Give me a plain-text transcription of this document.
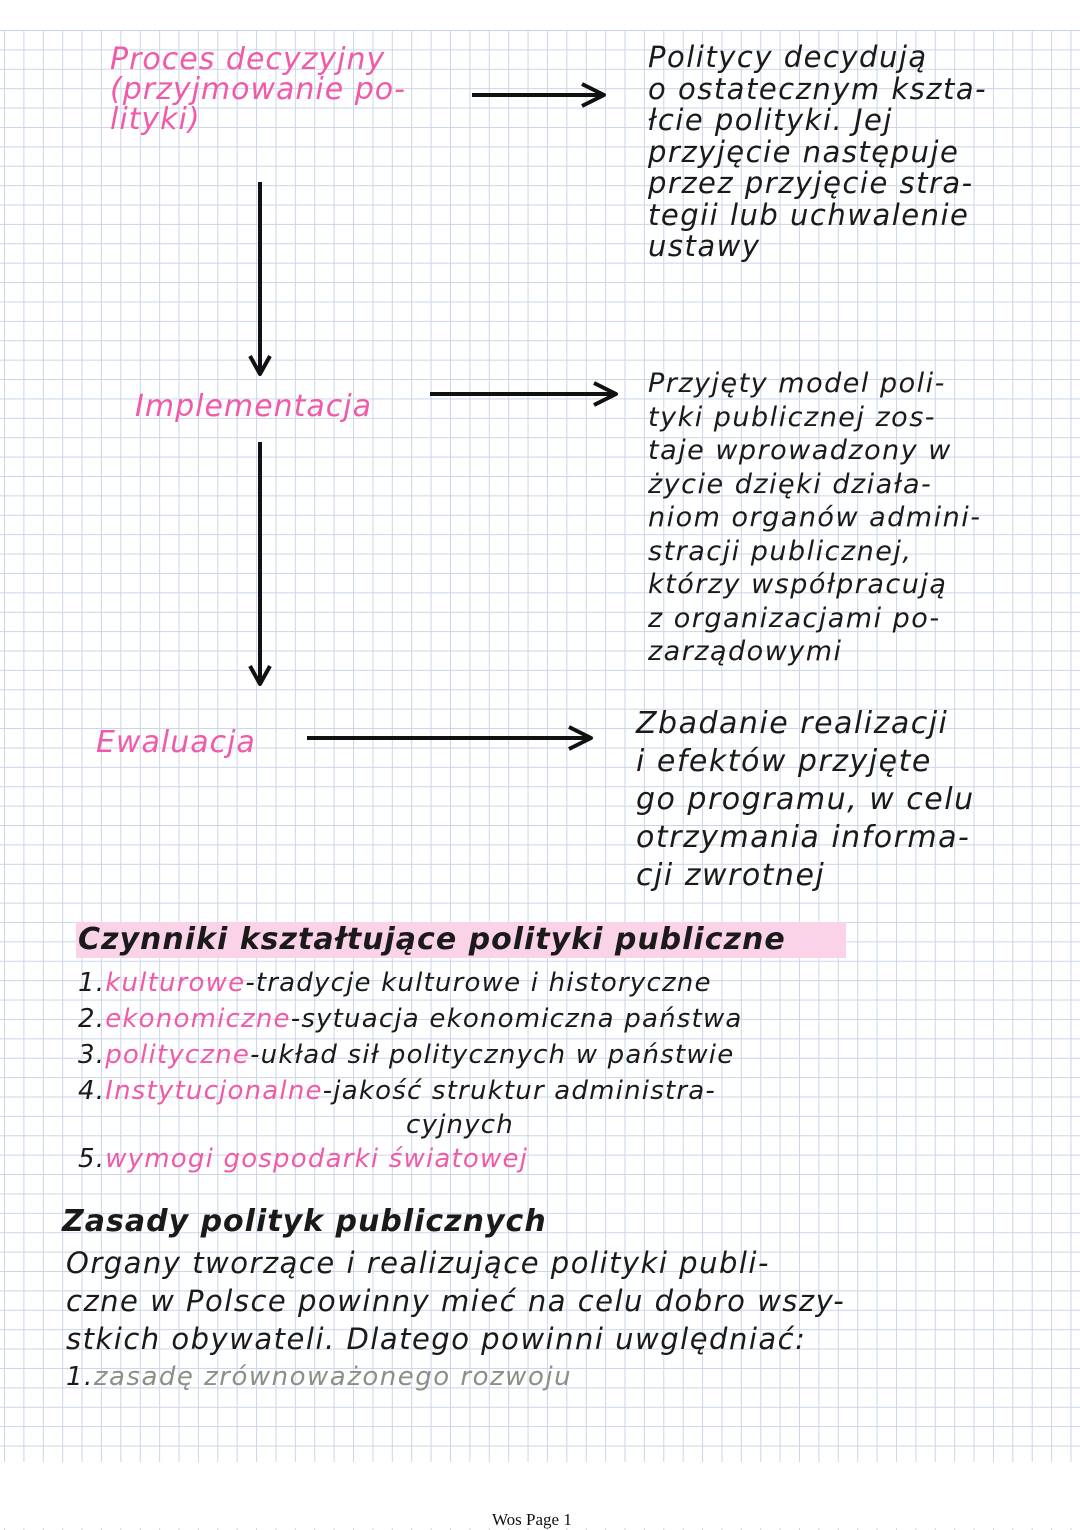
Proces decyzyjny
(przyjmowanie po-
lityki)
Politycy decydują
o ostatecznym kszta-
łcie polityki. Jej
przyjęcie następuje
przez przyjęcie stra-
tegii lub uchwalenie
ustawy
Implementacja
Przyjęty model poli-
tyki publicznej zos-
taje wprowadzony w
życie dzięki działa-
niom organów admini-
stracji publicznej,
którzy współpracują
z organizacjami po-
zarządowymi
Ewaluacja
Zbadanie realizacji
i efektów przyjęte
go programu, w celu
otrzymania informa-
cji zwrotnej
Czynniki kształtujące polityki publiczne
1.kulturowe-tradycje kulturowe i historyczne
2.ekonomiczne-sytuacja ekonomiczna państwa
3.polityczne-układ sił politycznych w państwie
4.Instytucjonalne-jakość struktur administra-
cyjnych
5.wymogi gospodarki światowej
Zasady polityk publicznych
Organy tworzące i realizujące polityki publi-
czne w Polsce powinny mieć na celu dobro wszy-
stkich obywateli. Dlatego powinni uwględniać:
1.zasadę zrównoważonego rozwoju
Wos Page 1
